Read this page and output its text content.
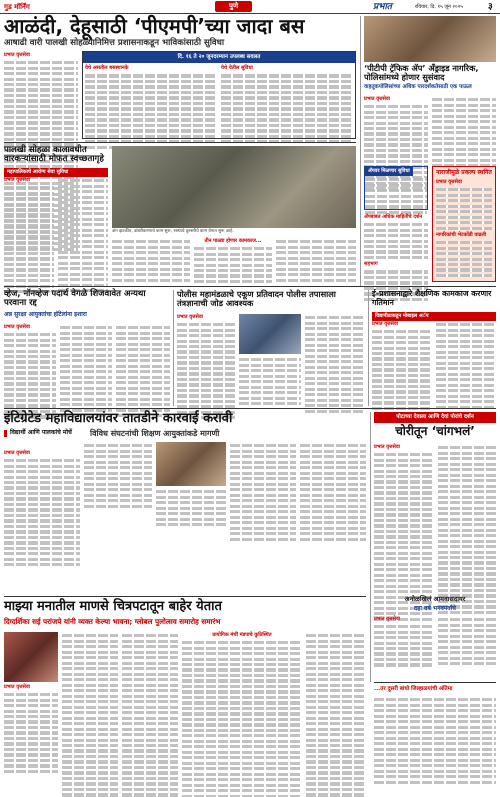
गुड मॉर्निंग	पुणे	प्रभात	रविवार, दि. १५ जून २०२५	३
आळंदी, देहूसाठी ‘पीएमपी’च्या जादा बस
आषाढी वारी पालखी सोहळ्यानिमित्त प्रशासनाकडून भाविकांसाठी सुविधा
प्रभात वृत्तसेवा	दि. १६ ते २० जूनदरम्यान उपलब्ध सवलत
येथे असतील बसस्थानके	येथे येतील सुविधा	‘पीटीपी ट्रॅफिक ॲप’ अँड्राइड नागरिक, पोलिसांमध्ये होणार सुसंवाद
वाहतूकपोलिसांच्या अधिक पारदर्शकतेसाठी एक पाऊल
प्रभात वृत्तसेवा
ॲपवर मिळणार सुविधा
ॲपबाबत अधिक माहितीचे दर्शन
सहभाग
नाराजीमुळे प्रकल्प स्थगित
प्रभात वृत्तसेवा
नागरिकांची भेटकोंडी वाढली
पालखी सोहळा कालावधीत वारकऱ्यांसाठी मोफत स्वच्छतागृहे
महापालिकाचे आरोग्य सेवा सुविधा
प्रभात वृत्तसेवा
अंग झटकीत, डांबरीकरणाचे काम सुरू, रस्त्याचे दुरुस्तीचे काम वेगात सुरू आहे.
तीन पाळ्या होणार कामकाज...
व्हेज, नॉनव्हेज पदार्थ वेगळे शिजवावेत अन्यथा परवाना रद्द
अन्न सुरक्षा आयुक्तांचा हॉटेलांना इशारा
प्रभात वृत्तसेवा
पोलीस महामंडळाचे एकूण प्रतिवादन पोलीस तपासाला तंत्रज्ञानाची जोड आवश्यक
प्रभात वृत्तसेवा
ई-प्रशासनाद्वारे शैक्षणिक कामकाज करणार गतिमान
विद्यापीठाकडून मोबाइल अॅप
प्रभात वृत्तसेवा
इंटिग्रेटेड महाविद्यालयांवर तातडीने कारवाई करावी
विविध संघटनांची शिक्षण आयुक्तांकडे मागणी
विद्यार्थी आणि पालकांचे मोर्चे
प्रभात वृत्तसेवा
पोटाच्या देवाला आणि देवां पोरांचे दर्शन
चोरीतून ‘चांगभलं’
प्रभात वृत्तसेवा
माझ्या मनातील माणसे चित्रपटातून बाहेर येतात
दिग्दर्शिका सई परांजपे यांनी व्यक्त केल्या भावना; ग्लोबल पुलोत्सव समारोह समारंभ
प्रभात वृत्तसेवा
प्रायोगिक मंचीं मंडपाचे कुठिस्थित
अनोळखिलं आमवासदायर
दहा वर्षे भगवपर्वांचे
प्रभात वृत्तसेवा
...तर दुसरी बांधो जिल्हाळयांची अंतिमा
